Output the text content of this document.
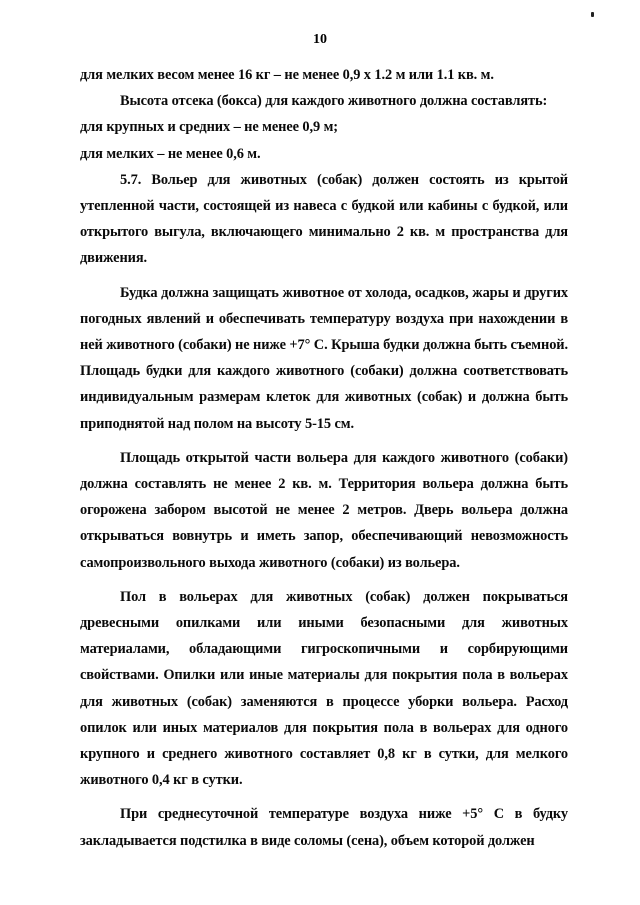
10

для мелких весом менее 16 кг – не менее 0,9 х 1.2 м или 1.1 кв. м.

Высота отсека (бокса) для каждого животного должна составлять:

для крупных и средних – не менее 0,9 м;

для мелких – не менее 0,6 м.

5.7. Вольер для животных (собак) должен состоять из крытой утепленной части, состоящей из навеса с будкой или кабины с будкой, или открытого выгула, включающего минимально 2 кв. м пространства для движения.

Будка должна защищать животное от холода, осадков, жары и других погодных явлений и обеспечивать температуру воздуха при нахождении в ней животного (собаки) не ниже +7° С. Крыша будки должна быть съемной. Площадь будки для каждого животного (собаки) должна соответствовать индивидуальным размерам клеток для животных (собак) и должна быть приподнятой над полом на высоту 5-15 см.

Площадь открытой части вольера для каждого животного (собаки) должна составлять не менее 2 кв. м. Территория вольера должна быть огорожена забором высотой не менее 2 метров. Дверь вольера должна открываться вовнутрь и иметь запор, обеспечивающий невозможность самопроизвольного выхода животного (собаки) из вольера.

Пол в вольерах для животных (собак) должен покрываться древесными опилками или иными безопасными для животных материалами, обладающими гигроскопичными и сорбирующими свойствами. Опилки или иные материалы для покрытия пола в вольерах для животных (собак) заменяются в процессе уборки вольера. Расход опилок или иных материалов для покрытия пола в вольерах для одного крупного и среднего животного составляет 0,8 кг в сутки, для мелкого животного 0,4 кг в сутки.

При среднесуточной температуре воздуха ниже +5° С в будку закладывается подстилка в виде соломы (сена), объем которой должен
